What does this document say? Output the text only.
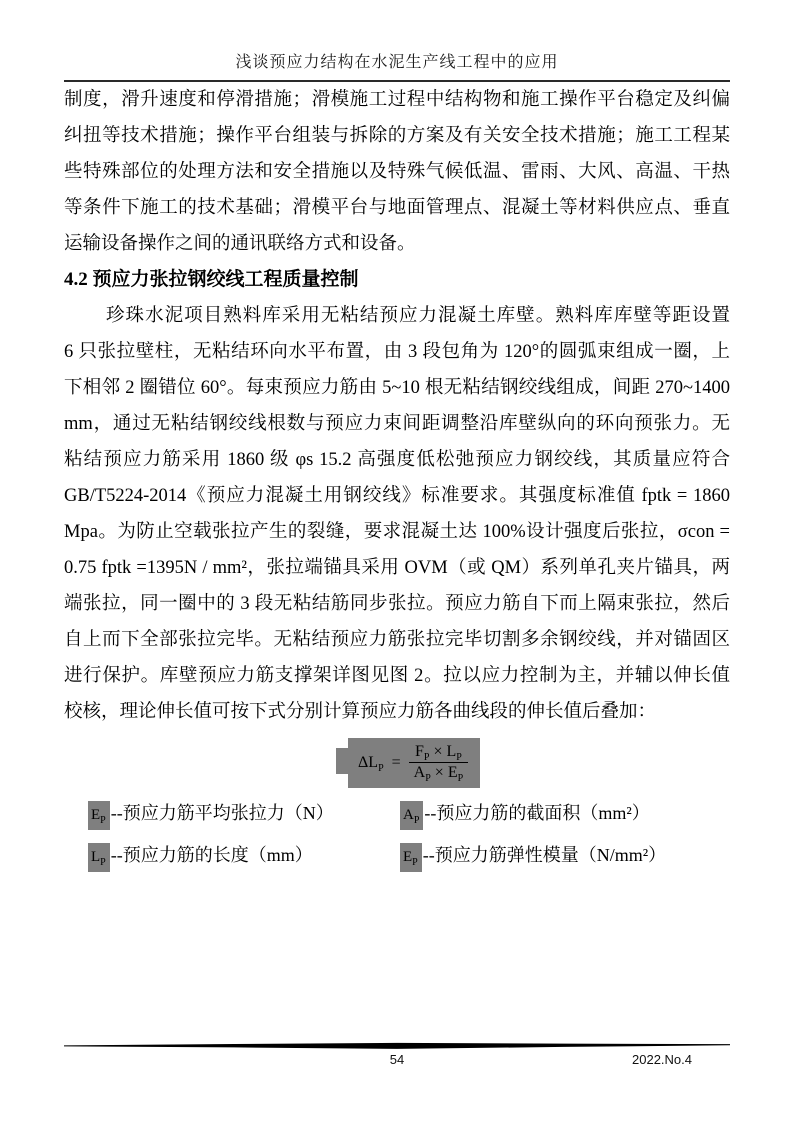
浅谈预应力结构在水泥生产线工程中的应用
制度，滑升速度和停滑措施；滑模施工过程中结构物和施工操作平台稳定及纠偏
纠扭等技术措施；操作平台组装与拆除的方案及有关安全技术措施；施工工程某
些特殊部位的处理方法和安全措施以及特殊气候低温、雷雨、大风、高温、干热
等条件下施工的技术基础；滑模平台与地面管理点、混凝土等材料供应点、垂直
运输设备操作之间的通讯联络方式和设备。
4.2 预应力张拉钢绞线工程质量控制
珍珠水泥项目熟料库采用无粘结预应力混凝土库壁。熟料库库壁等距设置
6 只张拉壁柱，无粘结环向水平布置，由 3 段包角为 120°的圆弧束组成一圈，上
下相邻 2 圈错位 60°。每束预应力筋由 5~10 根无粘结钢绞线组成，间距 270~1400
mm，通过无粘结钢绞线根数与预应力束间距调整沿库壁纵向的环向预张力。无
粘结预应力筋采用 1860 级 φs 15.2 高强度低松弛预应力钢绞线，其质量应符合
GB/T5224-2014《预应力混凝土用钢绞线》标准要求。其强度标准值 fptk = 1860
Mpa。为防止空载张拉产生的裂缝，要求混凝土达 100%设计强度后张拉，σcon =
0.75 fptk =1395N / mm²，张拉端锚具采用 OVM（或 QM）系列单孔夹片锚具，两
端张拉，同一圈中的 3 段无粘结筋同步张拉。预应力筋自下而上隔束张拉，然后
自上而下全部张拉完毕。无粘结预应力筋张拉完毕切割多余钢绞线，并对锚固区
进行保护。库壁预应力筋支撑架详图见图 2。拉以应力控制为主，并辅以伸长值
校核，理论伸长值可按下式分别计算预应力筋各曲线段的伸长值后叠加：
$\Delta L_P = \frac{F_P \times L_P}{A_P \times E_P}$
$E_P$ --预应力筋平均张拉力（N）	$A_P$ --预应力筋的截面积（mm²）
$L_P$ --预应力筋的长度（mm）	$E_P$ --预应力筋弹性模量（N/mm²）
54	2022.No.4
